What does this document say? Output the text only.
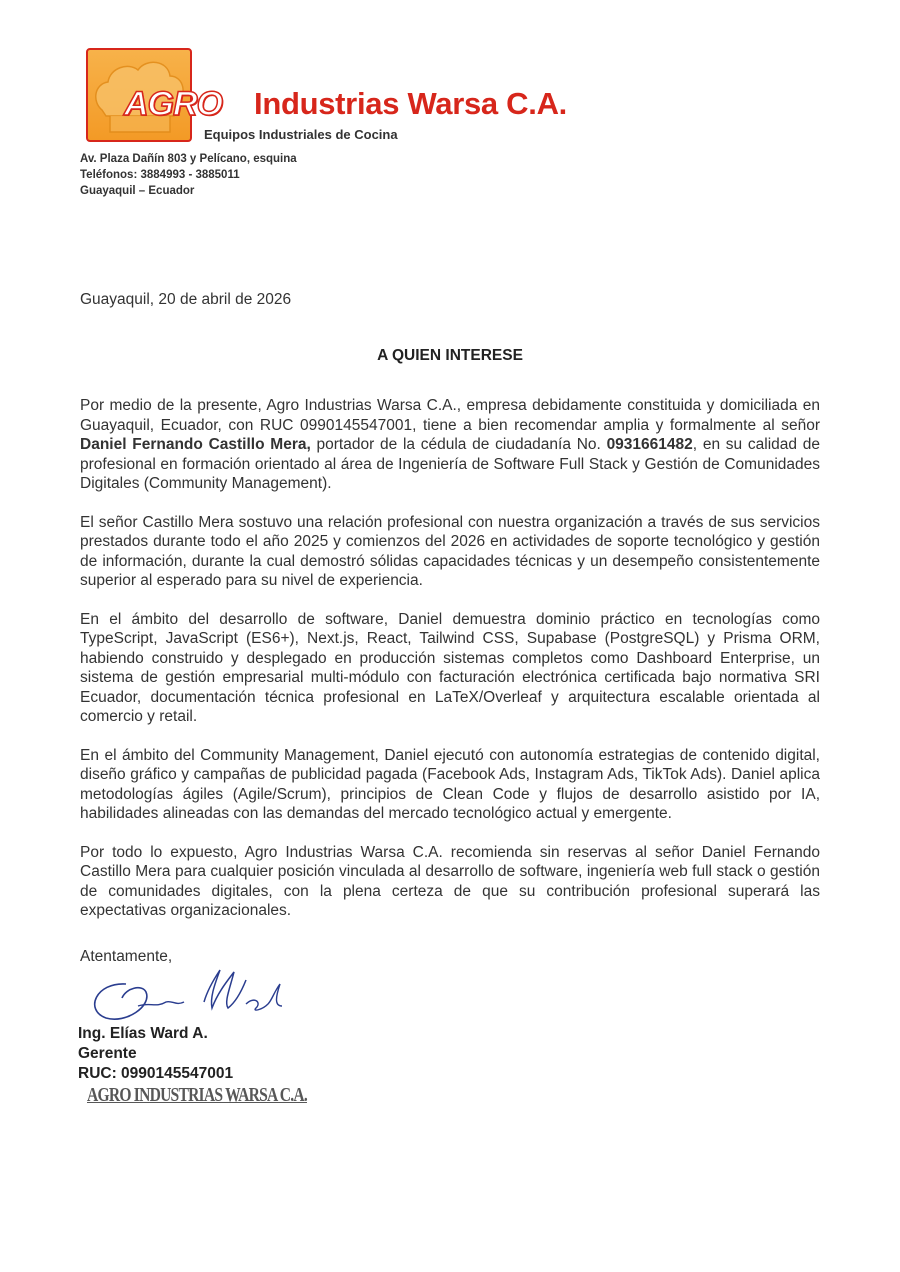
AGRO Industrias Warsa C.A.
Equipos Industriales de Cocina
Av. Plaza Dañín 803 y Pelícano, esquina
Teléfonos: 3884993 - 3885011
Guayaquil – Ecuador
Guayaquil, 20 de abril de 2026
A QUIEN INTERESE

Por medio de la presente, Agro Industrias Warsa C.A., empresa debidamente constituida y domiciliada en Guayaquil, Ecuador, con RUC 0990145547001, tiene a bien recomendar amplia y formalmente al señor Daniel Fernando Castillo Mera, portador de la cédula de ciudadanía No. 0931661482, en su calidad de profesional en formación orientado al área de Ingeniería de Software Full Stack y Gestión de Comunidades Digitales (Community Management).

El señor Castillo Mera sostuvo una relación profesional con nuestra organización a través de sus servicios prestados durante todo el año 2025 y comienzos del 2026 en actividades de soporte tecnológico y gestión de información, durante la cual demostró sólidas capacidades técnicas y un desempeño consistentemente superior al esperado para su nivel de experiencia.

En el ámbito del desarrollo de software, Daniel demuestra dominio práctico en tecnologías como TypeScript, JavaScript (ES6+), Next.js, React, Tailwind CSS, Supabase (PostgreSQL) y Prisma ORM, habiendo construido y desplegado en producción sistemas completos como Dashboard Enterprise, un sistema de gestión empresarial multi-módulo con facturación electrónica certificada bajo normativa SRI Ecuador, documentación técnica profesional en LaTeX/Overleaf y arquitectura escalable orientada al comercio y retail.

En el ámbito del Community Management, Daniel ejecutó con autonomía estrategias de contenido digital, diseño gráfico y campañas de publicidad pagada (Facebook Ads, Instagram Ads, TikTok Ads). Daniel aplica metodologías ágiles (Agile/Scrum), principios de Clean Code y flujos de desarrollo asistido por IA, habilidades alineadas con las demandas del mercado tecnológico actual y emergente.

Por todo lo expuesto, Agro Industrias Warsa C.A. recomienda sin reservas al señor Daniel Fernando Castillo Mera para cualquier posición vinculada al desarrollo de software, ingeniería web full stack o gestión de comunidades digitales, con la plena certeza de que su contribución profesional superará las expectativas organizacionales.

Atentamente,
Ing. Elías Ward A.
Gerente
RUC: 0990145547001
AGRO INDUSTRIAS WARSA C.A.
